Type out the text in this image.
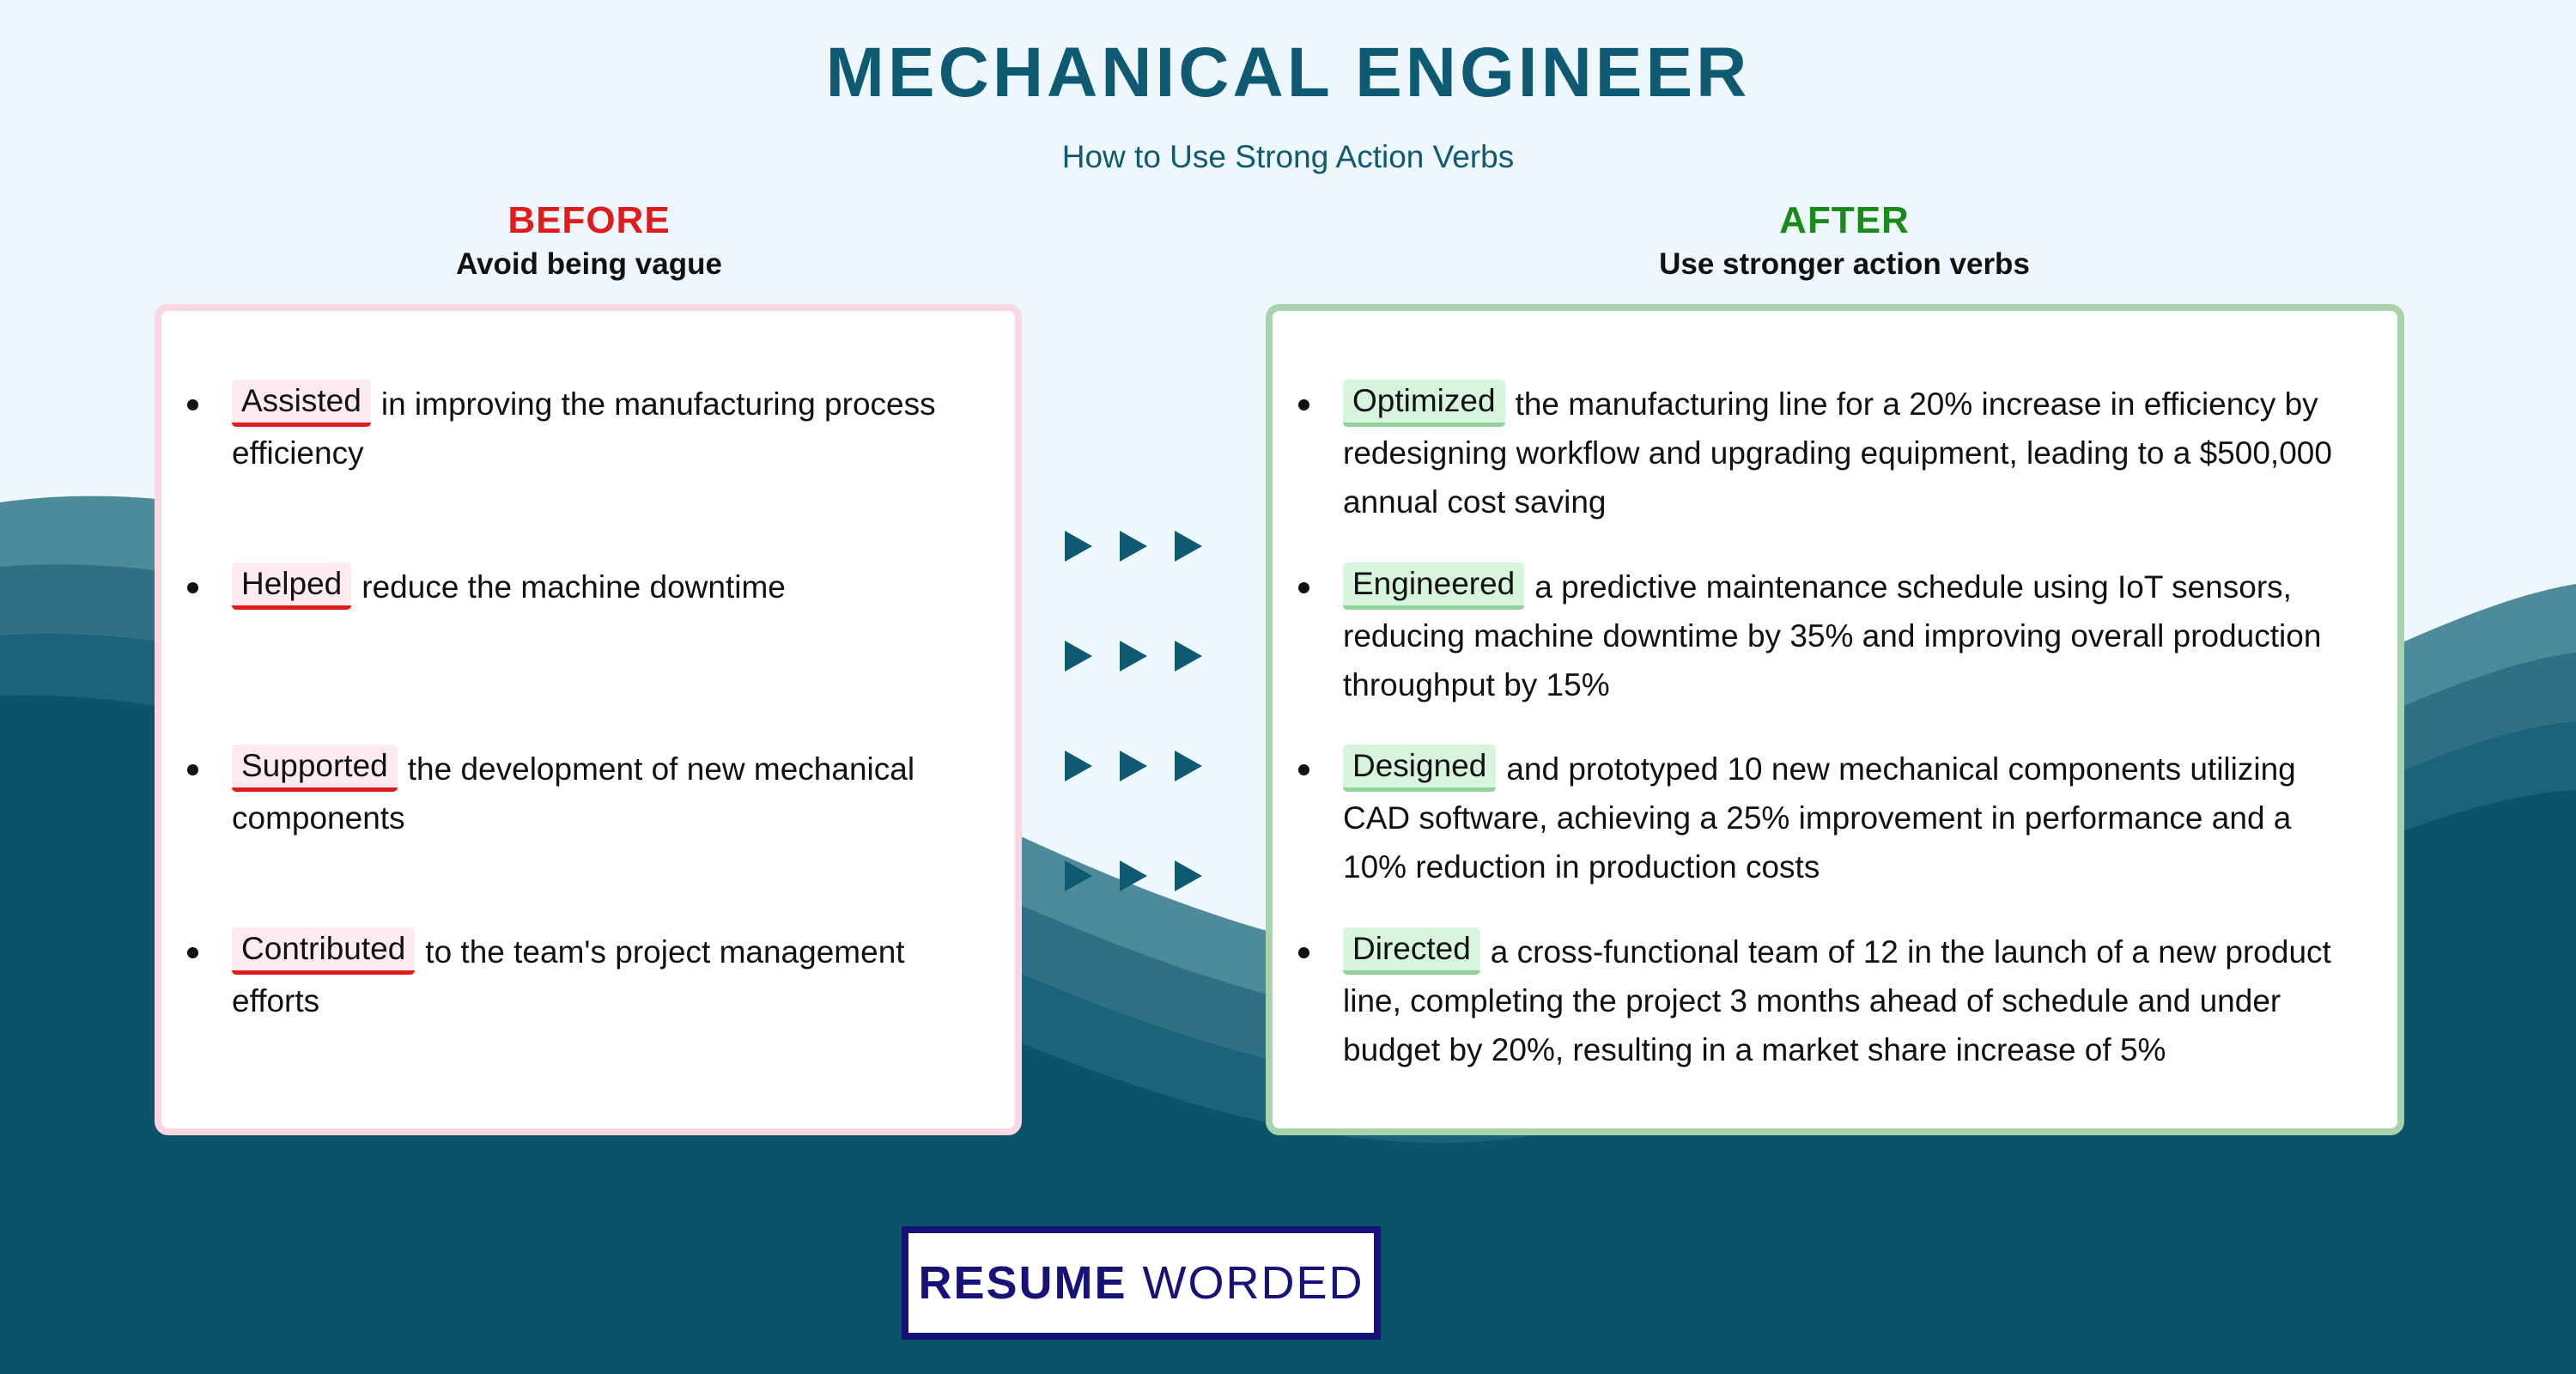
MECHANICAL ENGINEER
How to Use Strong Action Verbs
BEFORE
Avoid being vague
AFTER
Use stronger action verbs
Assisted in improving the manufacturing process efficiency
Helped reduce the machine downtime
Supported the development of new mechanical components
Contributed to the team's project management efforts
Optimized the manufacturing line for a 20% increase in efficiency by redesigning workflow and upgrading equipment, leading to a $500,000 annual cost saving
Engineered a predictive maintenance schedule using IoT sensors, reducing machine downtime by 35% and improving overall production throughput by 15%
Designed and prototyped 10 new mechanical components utilizing CAD software, achieving a 25% improvement in performance and a 10% reduction in production costs
Directed a cross-functional team of 12 in the launch of a new product line, completing the project 3 months ahead of schedule and under budget by 20%, resulting in a market share increase of 5%
RESUME WORDED
